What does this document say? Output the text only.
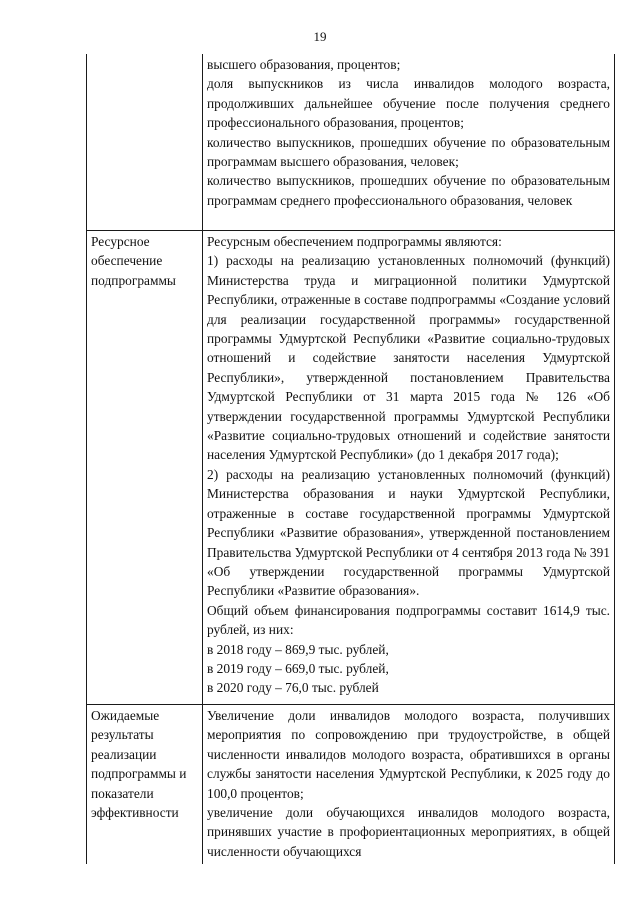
19
высшего образования, процентов;
доля выпускников из числа инвалидов молодого возраста, продолживших дальнейшее обучение после получения среднего профессионального образования, процентов;
количество выпускников, прошедших обучение по образовательным программам высшего образования, человек;
количество выпускников, прошедших обучение по образовательным программам среднего профессионального образования, человек
Ресурсное обеспечение подпрограммы
Ресурсным обеспечением подпрограммы являются:
1) расходы на реализацию установленных полномочий (функций) Министерства труда и миграционной политики Удмуртской Республики, отраженные в составе подпрограммы «Создание условий для реализации государственной программы» государственной программы Удмуртской Республики «Развитие социально-трудовых отношений и содействие занятости населения Удмуртской Республики», утвержденной постановлением Правительства Удмуртской Республики от 31 марта 2015 года № 126 «Об утверждении государственной программы Удмуртской Республики «Развитие социально-трудовых отношений и содействие занятости населения Удмуртской Республики» (до 1 декабря 2017 года);
2) расходы на реализацию установленных полномочий (функций) Министерства образования и науки Удмуртской Республики, отраженные в составе государственной программы Удмуртской Республики «Развитие образования», утвержденной постановлением Правительства Удмуртской Республики от 4 сентября 2013 года № 391 «Об утверждении государственной программы Удмуртской Республики «Развитие образования».
Общий объем финансирования подпрограммы составит 1614,9 тыс. рублей, из них:
в 2018 году – 869,9 тыс. рублей,
в 2019 году – 669,0 тыс. рублей,
в 2020 году – 76,0 тыс. рублей
Ожидаемые результаты реализации подпрограммы и показатели эффективности
Увеличение доли инвалидов молодого возраста, получивших мероприятия по сопровождению при трудоустройстве, в общей численности инвалидов молодого возраста, обратившихся в органы службы занятости населения Удмуртской Республики, к 2025 году до 100,0 процентов;
увеличение доли обучающихся инвалидов молодого возраста, принявших участие в профориентационных мероприятиях, в общей численности обучающихся
